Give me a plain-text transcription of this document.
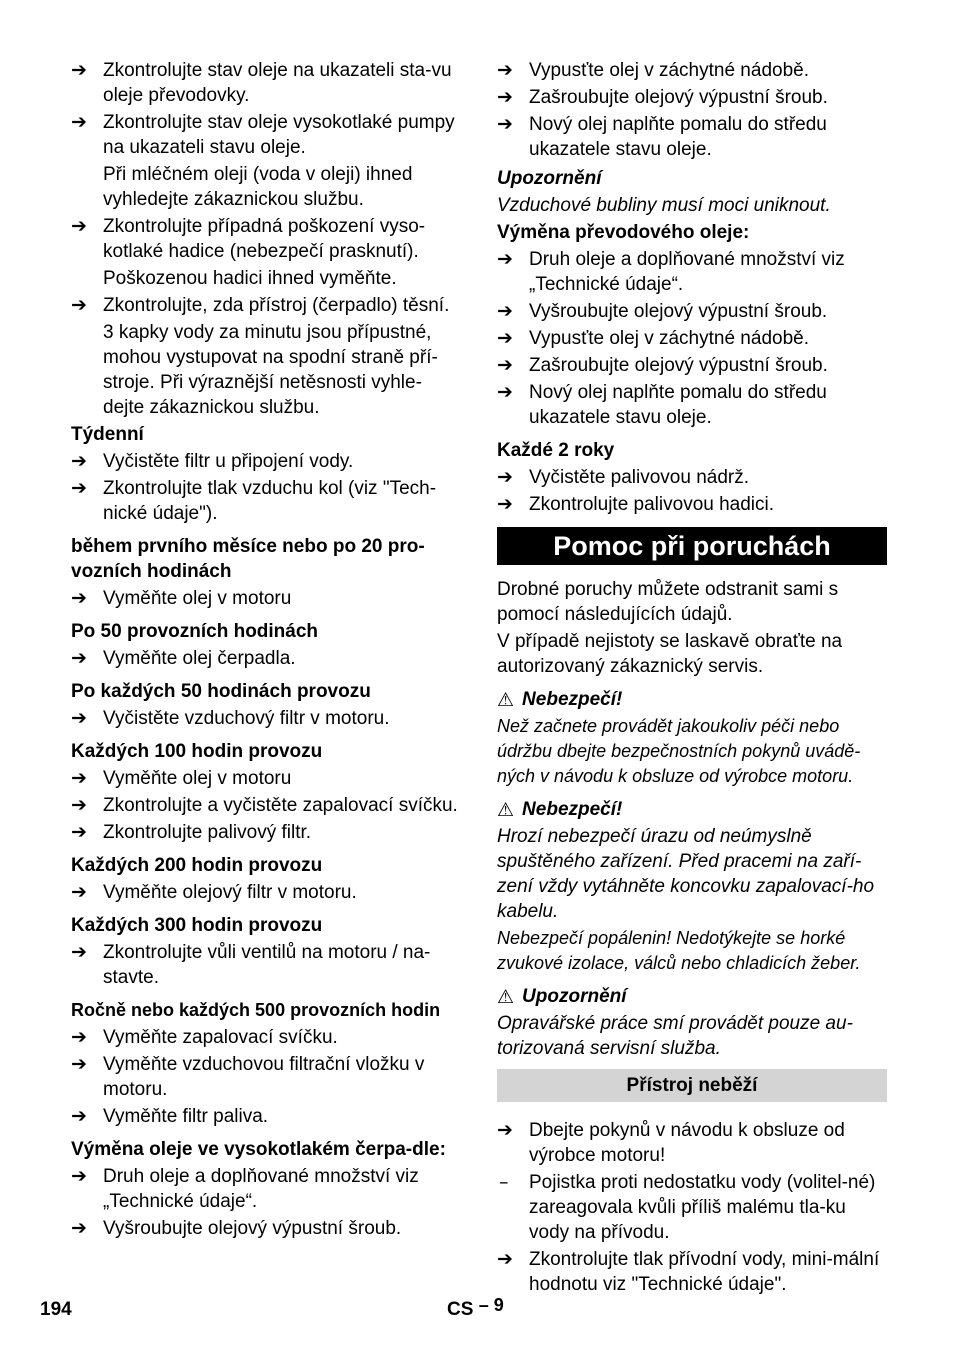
➔ Zkontrolujte stav oleje na ukazateli sta-vu oleje převodovky.
➔ Zkontrolujte stav oleje vysokotlaké pumpy na ukazateli stavu oleje.
Při mléčném oleji (voda v oleji) ihned vyhledejte zákaznickou službu.
➔ Zkontrolujte případná poškození vyso-kotlaké hadice (nebezpečí prasknutí).
Poškozenou hadici ihned vyměňte.
➔ Zkontrolujte, zda přístroj (čerpadlo) těsní.
3 kapky vody za minutu jsou přípustné, mohou vystupovat na spodní straně pří-stroje. Při výraznější netěsnosti vyhle-dejte zákaznickou službu.
Týdenní
➔ Vyčistěte filtr u připojení vody.
➔ Zkontrolujte tlak vzduchu kol (viz "Tech-nické údaje").
během prvního měsíce nebo po 20 pro-vozních hodinách
➔ Vyměňte olej v motoru
Po 50 provozních hodinách
➔ Vyměňte olej čerpadla.
Po každých 50 hodinách provozu
➔ Vyčistěte vzduchový filtr v motoru.
Každých 100 hodin provozu
➔ Vyměňte olej v motoru
➔ Zkontrolujte a vyčistěte zapalovací svíčku.
➔ Zkontrolujte palivový filtr.
Každých 200 hodin provozu
➔ Vyměňte olejový filtr v motoru.
Každých 300 hodin provozu
➔ Zkontrolujte vůli ventilů na motoru / na-stavte.
Ročně nebo každých 500 provozních hodin
➔ Vyměňte zapalovací svíčku.
➔ Vyměňte vzduchovou filtrační vložku v motoru.
➔ Vyměňte filtr paliva.
Výměna oleje ve vysokotlakém čerpa-dle:
➔ Druh oleje a doplňované množství viz „Technické údaje“.
➔ Vyšroubujte olejový výpustní šroub.
➔ Vypusťte olej v záchytné nádobě.
➔ Zašroubujte olejový výpustní šroub.
➔ Nový olej naplňte pomalu do středu ukazatele stavu oleje.
Upozornění
Vzduchové bubliny musí moci uniknout.
Výměna převodového oleje:
➔ Druh oleje a doplňované množství viz „Technické údaje“.
➔ Vyšroubujte olejový výpustní šroub.
➔ Vypusťte olej v záchytné nádobě.
➔ Zašroubujte olejový výpustní šroub.
➔ Nový olej naplňte pomalu do středu ukazatele stavu oleje.
Každé 2 roky
➔ Vyčistěte palivovou nádrž.
➔ Zkontrolujte palivovou hadici.
Pomoc při poruchách
Drobné poruchy můžete odstranit sami s pomocí následujících údajů.
V případě nejistoty se laskavě obraťte na autorizovaný zákaznický servis.
⚠ Nebezpečí!
Než začnete provádět jakoukoliv péči nebo údržbu dbejte bezpečnostních pokynů uvádě-ných v návodu k obsluze od výrobce motoru.
⚠ Nebezpečí!
Hrozí nebezpečí úrazu od neúmyslně spuštěného zařízení. Před pracemi na zaří-zení vždy vytáhněte koncovku zapalovací-ho kabelu.
Nebezpečí popálenin! Nedotýkejte se horké zvukové izolace, válců nebo chladicích žeber.
⚠ Upozornění
Opravářské práce smí provádět pouze au-torizovaná servisní služba.
Přístroj neběží
➔ Dbejte pokynů v návodu k obsluze od výrobce motoru!
–	Pojistka proti nedostatku vody (volitel-né) zareagovala kvůli příliš malému tla-ku vody na přívodu.
➔ Zkontrolujte tlak přívodní vody, mini-mální hodnotu viz "Technické údaje".
194	CS – 9
